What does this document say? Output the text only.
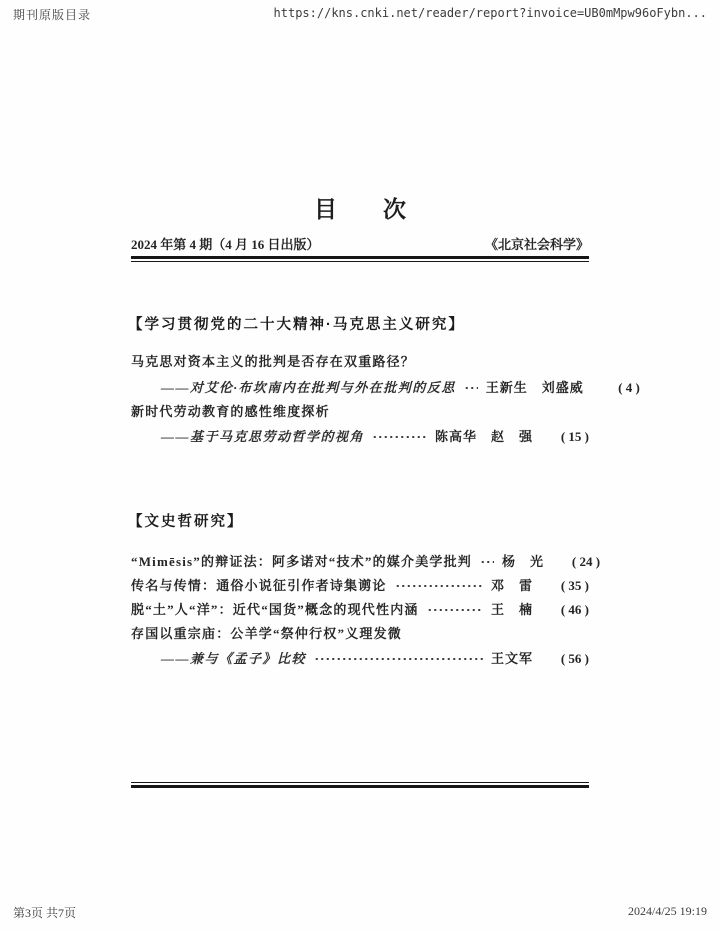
期刊原版目录	https://kns.cnki.net/reader/report?invoice=UB0mMpw96oFybn...
目　　次
2024 年第 4 期（4 月 16 日出版）	《北京社会科学》
【学习贯彻党的二十大精神·马克思主义研究】
马克思对资本主义的批判是否存在双重路径？
——对艾伦·布坎南内在批判与外在批判的反思 王新生　刘盛威	( 4 )
新时代劳动教育的感性维度探析
——基于马克思劳动哲学的视角	陈高华　赵　强	( 15 )
【文史哲研究】
“Mimēsis”的辩证法：阿多诺对“技术”的媒介美学批判 杨　光	( 24 )
传名与传情：通俗小说征引作者诗集谫论	邓　雷	( 35 )
脱“土”人“洋”：近代“国货”概念的现代性内涵	王　楠	( 46 )
存国以重宗庙：公羊学“祭仲行权”义理发微
——兼与《孟子》比较	王文军	( 56 )
第3页 共7页	2024/4/25 19:19
